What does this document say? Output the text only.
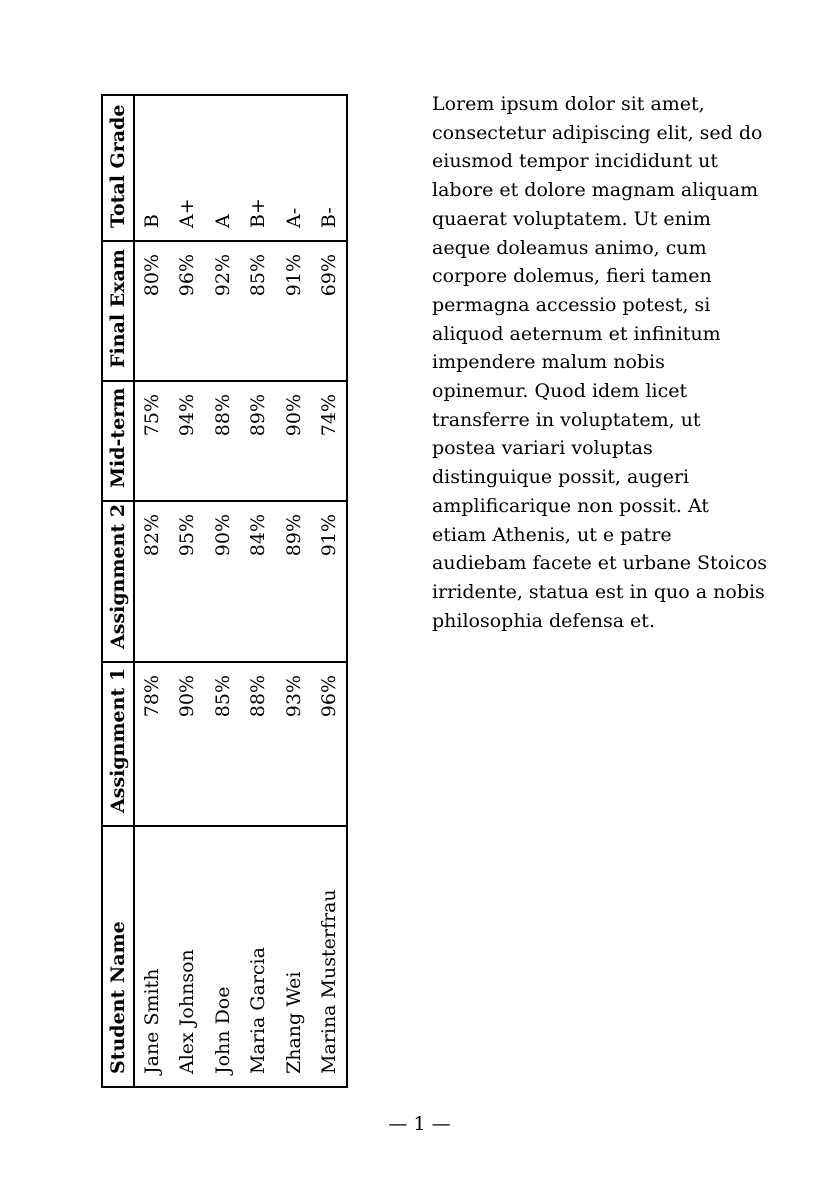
Student Name	Assignment 1	Assignment 2	Mid-term	Final Exam	Total Grade
Jane Smith	78%	82%	75%	80%	B
Alex Johnson	90%	95%	94%	96%	A+
John Doe	85%	90%	88%	92%	A
Maria Garcia	88%	84%	89%	85%	B+
Zhang Wei	93%	89%	90%	91%	A-
Marina Musterfrau	96%	91%	74%	69%	B-
Lorem ipsum dolor sit amet,
consectetur adipiscing elit, sed do
eiusmod tempor incididunt ut
labore et dolore magnam aliquam
quaerat voluptatem. Ut enim
aeque doleamus animo, cum
corpore dolemus, fieri tamen
permagna accessio potest, si
aliquod aeternum et infinitum
impendere malum nobis
opinemur. Quod idem licet
transferre in voluptatem, ut
postea variari voluptas
distinguique possit, augeri
amplificarique non possit. At
etiam Athenis, ut e patre
audiebam facete et urbane Stoicos
irridente, statua est in quo a nobis
philosophia defensa et.
— 1 —
